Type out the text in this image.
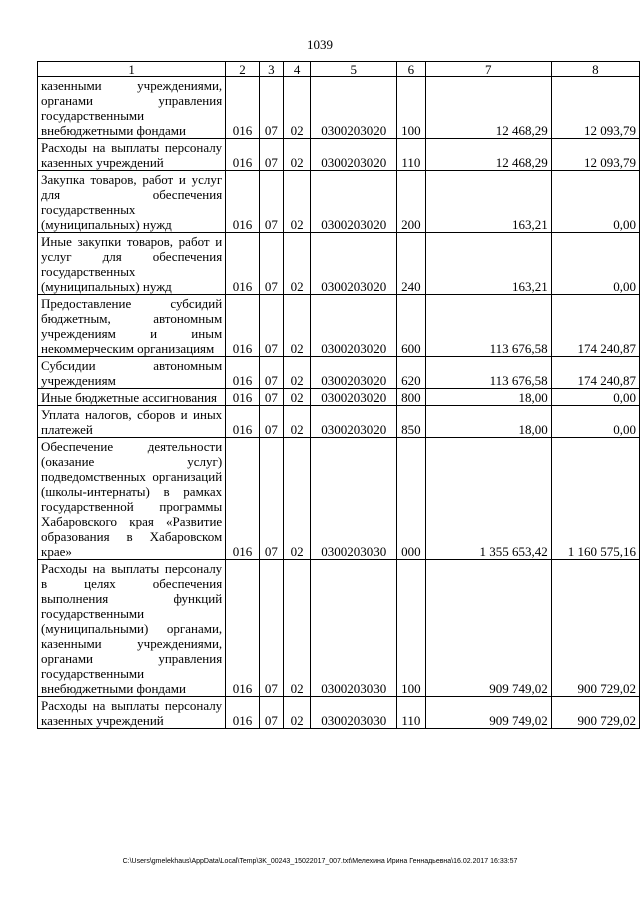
1039
1	2	3	4	5	6	7	8
казенными учреждениями, органами управления государственными внебюджетными фондами	016	07	02	0300203020	100	12 468,29	12 093,79
Расходы на выплаты персоналу казенных учреждений	016	07	02	0300203020	110	12 468,29	12 093,79
Закупка товаров, работ и услуг для обеспечения государственных (муниципальных) нужд	016	07	02	0300203020	200	163,21	0,00
Иные закупки товаров, работ и услуг для обеспечения государственных (муниципальных) нужд	016	07	02	0300203020	240	163,21	0,00
Предоставление субсидий бюджетным, автономным учреждениям и иным некоммерческим организациям	016	07	02	0300203020	600	113 676,58	174 240,87
Субсидии автономным учреждениям	016	07	02	0300203020	620	113 676,58	174 240,87
Иные бюджетные ассигнования	016	07	02	0300203020	800	18,00	0,00
Уплата налогов, сборов и иных платежей	016	07	02	0300203020	850	18,00	0,00
Обеспечение деятельности (оказание услуг) подведомственных организаций (школы-интернаты) в рамках государственной программы Хабаровского края «Развитие образования в Хабаровском крае»	016	07	02	0300203030	000	1 355 653,42	1 160 575,16
Расходы на выплаты персоналу в целях обеспечения выполнения функций государственными (муниципальными) органами, казенными учреждениями, органами управления государственными внебюджетными фондами	016	07	02	0300203030	100	909 749,02	900 729,02
Расходы на выплаты персоналу казенных учреждений	016	07	02	0300203030	110	909 749,02	900 729,02
C:\Users\gmelekhaus\AppData\Local\Temp\3K_00243_15022017_007.txt\Мелехина Ирина Геннадьевна\16.02.2017 16:33:57
